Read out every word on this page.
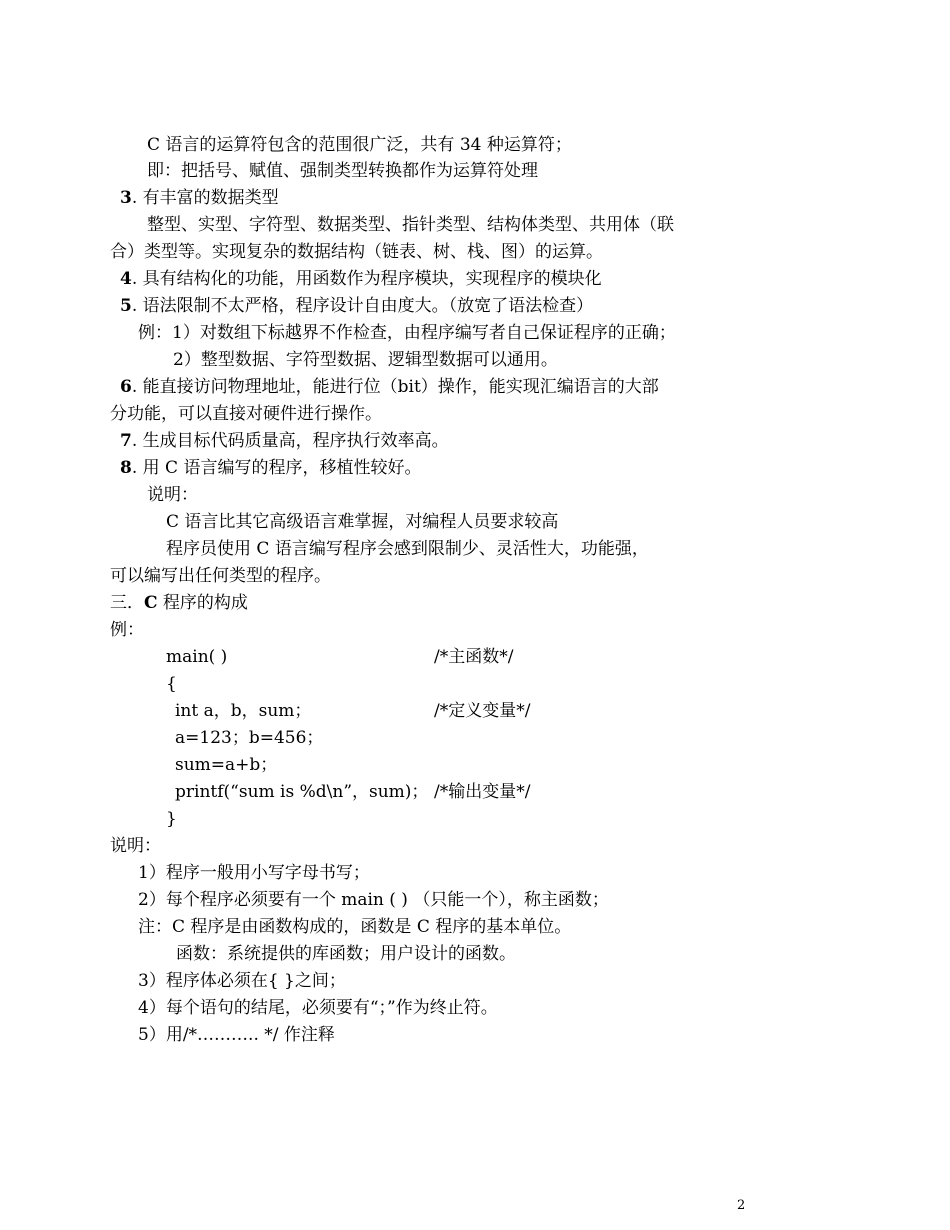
C 语言的运算符包含的范围很广泛，共有 34 种运算符；
即：把括号、赋值、强制类型转换都作为运算符处理
3. 有丰富的数据类型
整型、实型、字符型、数据类型、指针类型、结构体类型、共用体（联
合）类型等。实现复杂的数据结构（链表、树、栈、图）的运算。
4. 具有结构化的功能，用函数作为程序模块，实现程序的模块化
5. 语法限制不太严格，程序设计自由度大。（放宽了语法检查）
例：1）对数组下标越界不作检查，由程序编写者自己保证程序的正确；
2）整型数据、字符型数据、逻辑型数据可以通用。
6. 能直接访问物理地址，能进行位（bit）操作，能实现汇编语言的大部
分功能，可以直接对硬件进行操作。
7. 生成目标代码质量高，程序执行效率高。
8. 用 C 语言编写的程序，移植性较好。
说明：
C 语言比其它高级语言难掌握，对编程人员要求较高
程序员使用 C 语言编写程序会感到限制少、灵活性大，功能强，
可以编写出任何类型的程序。
三．C 程序的构成
例：
main( )	/*主函数*/
{
int a，b，sum；	/*定义变量*/
a=123；b=456；
sum=a+b；
printf(“sum is %d\n”，sum)； /*输出变量*/
}
说明：
1）程序一般用小写字母书写；
2）每个程序必须要有一个 main ( ) （只能一个），称主函数；
注：C 程序是由函数构成的，函数是 C 程序的基本单位。
函数：系统提供的库函数；用户设计的函数。
3）程序体必须在{ }之间；
4）每个语句的结尾，必须要有“；”作为终止符。
5）用/*……….. */ 作注释
2
